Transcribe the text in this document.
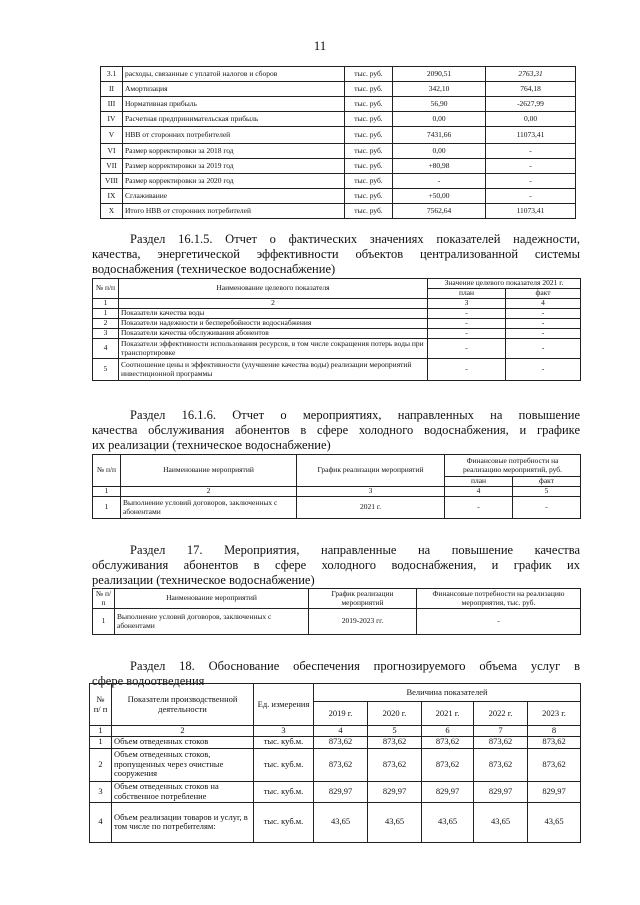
11
3.1	расходы, связанные с уплатой налогов и сборов	тыс. руб.	2090,51	2763,31
II	Амортизация	тыс. руб.	342,10	764,18
III	Нормативная прибыль	тыс. руб.	56,90	-2627,99
IV	Расчетная предпринимательская прибыль	тыс. руб.	0,00	0,00
V	НВВ от сторонних потребителей	тыс. руб.	7431,66	11073,41
VI	Размер корректировки за 2018 год	тыс. руб.	0,00	-
VII	Размер корректировки за 2019 год	тыс. руб.	+80,98	-
VIII	Размер корректировки за 2020 год	тыс. руб.	-	-
IX	Сглаживание	тыс. руб.	+50,00	-
X	Итого НВВ от сторонних потребителей	тыс. руб.	7562,64	11073,41
Раздел 16.1.5. Отчет о фактических значениях показателей надежности,
качества, энергетической эффективности объектов централизованной системы
водоснабжения (техническое водоснабжение)
№ п/п	Наименование целевого показателя	Значение целевого показателя 2021 г.	
		план	факт
1	2	3	4
1	Показатели качества воды	-	-
2	Показатели надежности и бесперебойности водоснабжения	-	-
3	Показатели качества обслуживания абонентов	-	-
4	Показатели эффективности использования ресурсов, в том числе сокращения потерь воды при транспортировке	-	-
5	Соотношение цены и эффективности (улучшение качества воды) реализации мероприятий инвестиционной программы	-	-
Раздел 16.1.6. Отчет о мероприятиях, направленных на повышение
качества обслуживания абонентов в сфере холодного водоснабжения, и графике
их реализации (техническое водоснабжение)
№ п/п	Наименование мероприятий	График реализации мероприятий	Финансовые потребности на реализацию мероприятий, руб.	
			план	факт
1	2	3	4	5
1	Выполнение условий договоров, заключенных с абонентами	2021 г.	-	-
Раздел 17. Мероприятия, направленные на повышение качества
обслуживания абонентов в сфере холодного водоснабжения, и график их
реализации (техническое водоснабжение)
№ п/п	Наименование мероприятий	График реализации мероприятий	Финансовые потребности на реализацию мероприятия, тыс. руб.
1	Выполнение условий договоров, заключенных с абонентами	2019-2023 гг.	-
Раздел 18. Обоснование обеспечения прогнозируемого объема услуг в
сфере водоотведения
№ п/ п	Показатели производственной деятельности	Ед. измерения	Величина показателей				
			2019 г.	2020 г.	2021 г.	2022 г.	2023 г.
1	2	3	4	5	6	7	8
1	Объем отведенных стоков	тыс. куб.м.	873,62	873,62	873,62	873,62	873,62
2	Объем отведенных стоков, пропущенных через очистные сооружения	тыс. куб.м.	873,62	873,62	873,62	873,62	873,62
3	Объем отведенных стоков на собственное потребление	тыс. куб.м.	829,97	829,97	829,97	829,97	829,97
4	Объем реализации товаров и услуг, в том числе по потребителям:	тыс. куб.м.	43,65	43,65	43,65	43,65	43,65
